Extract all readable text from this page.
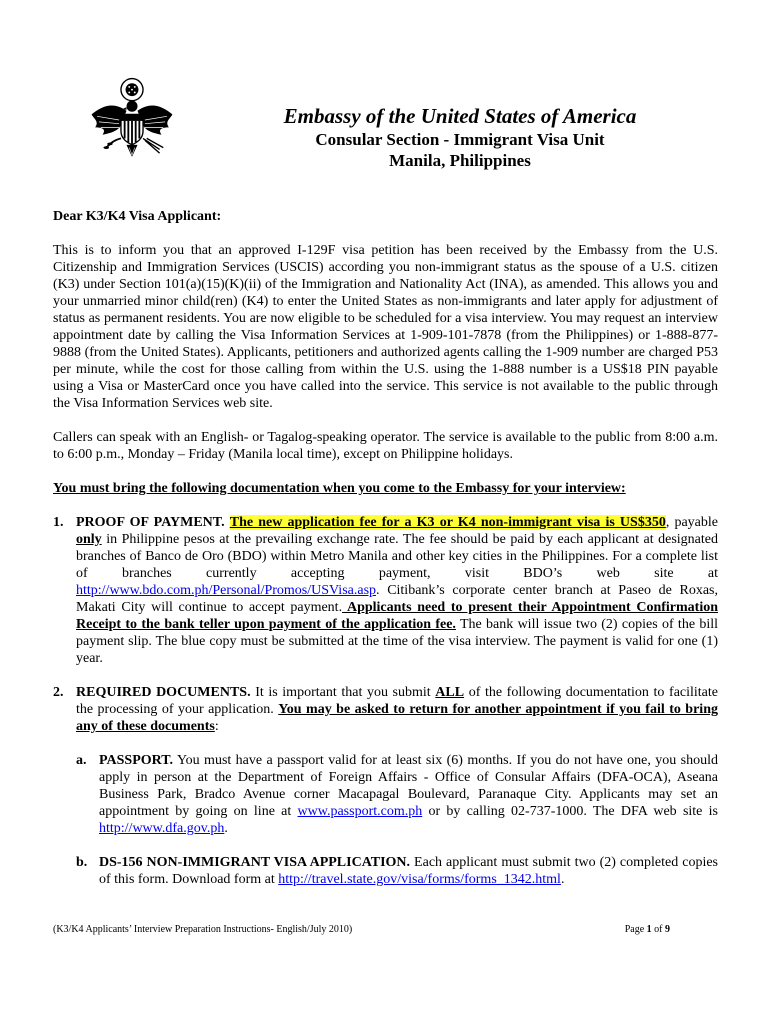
Embassy of the United States of America
Consular Section - Immigrant Visa Unit
Manila, Philippines
Dear K3/K4 Visa Applicant:
This is to inform you that an approved I-129F visa petition has been received by the Embassy from the U.S. Citizenship and Immigration Services (USCIS) according you non-immigrant status as the spouse of a U.S. citizen (K3) under Section 101(a)(15)(K)(ii) of the Immigration and Nationality Act (INA), as amended. This allows you and your unmarried minor child(ren) (K4) to enter the United States as non-immigrants and later apply for adjustment of status as permanent residents. You are now eligible to be scheduled for a visa interview. You may request an interview appointment date by calling the Visa Information Services at 1-909-101-7878 (from the Philippines) or 1-888-877-9888 (from the United States). Applicants, petitioners and authorized agents calling the 1-909 number are charged P53 per minute, while the cost for those calling from within the U.S. using the 1-888 number is a US$18 PIN payable using a Visa or MasterCard once you have called into the service. This service is not available to the public through the Visa Information Services web site.
Callers can speak with an English- or Tagalog-speaking operator. The service is available to the public from 8:00 a.m. to 6:00 p.m., Monday – Friday (Manila local time), except on Philippine holidays.
You must bring the following documentation when you come to the Embassy for your interview:
1. PROOF OF PAYMENT. The new application fee for a K3 or K4 non-immigrant visa is US$350, payable only in Philippine pesos at the prevailing exchange rate. The fee should be paid by each applicant at designated branches of Banco de Oro (BDO) within Metro Manila and other key cities in the Philippines. For a complete list of branches currently accepting payment, visit BDO’s web site at http://www.bdo.com.ph/Personal/Promos/USVisa.asp. Citibank’s corporate center branch at Paseo de Roxas, Makati City will continue to accept payment. Applicants need to present their Appointment Confirmation Receipt to the bank teller upon payment of the application fee. The bank will issue two (2) copies of the bill payment slip. The blue copy must be submitted at the time of the visa interview. The payment is valid for one (1) year.
2. REQUIRED DOCUMENTS. It is important that you submit ALL of the following documentation to facilitate the processing of your application. You may be asked to return for another appointment if you fail to bring any of these documents:
a. PASSPORT. You must have a passport valid for at least six (6) months. If you do not have one, you should apply in person at the Department of Foreign Affairs - Office of Consular Affairs (DFA-OCA), Aseana Business Park, Bradco Avenue corner Macapagal Boulevard, Paranaque City. Applicants may set an appointment by going on line at www.passport.com.ph or by calling 02-737-1000. The DFA web site is http://www.dfa.gov.ph.
b. DS-156 NON-IMMIGRANT VISA APPLICATION. Each applicant must submit two (2) completed copies of this form. Download form at http://travel.state.gov/visa/forms/forms_1342.html.
(K3/K4 Applicants’ Interview Preparation Instructions- English/July 2010)	Page 1 of 9
